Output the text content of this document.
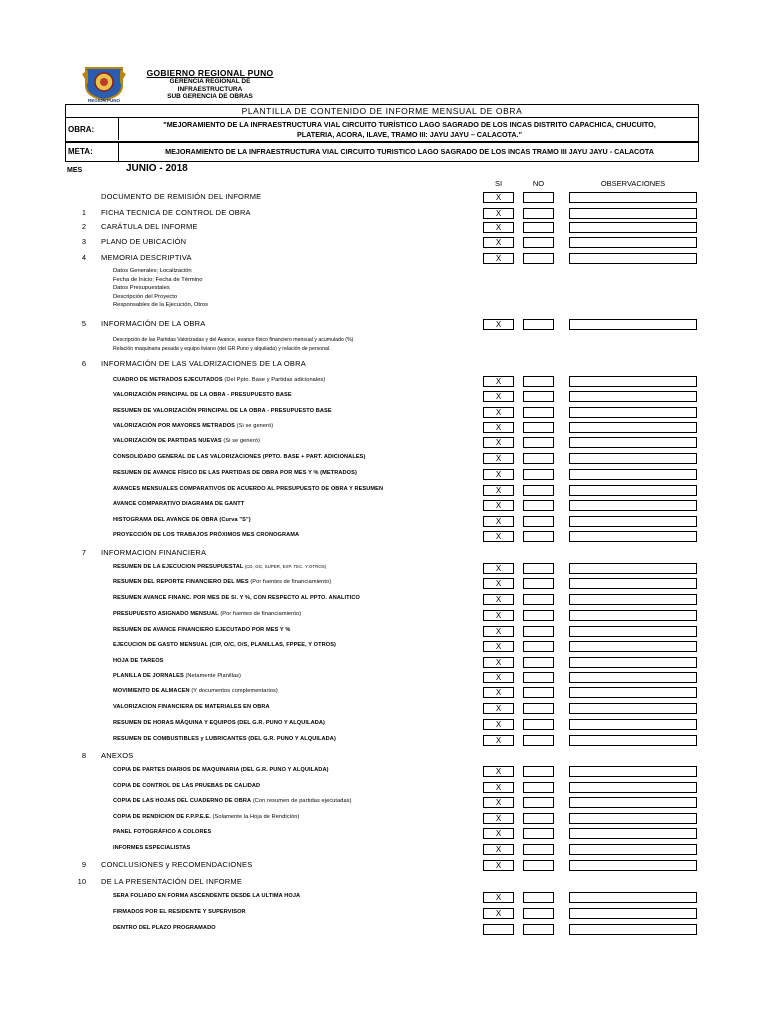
REGIÓN PUNO
GOBIERNO REGIONAL PUNO
GERENCIA REGIONAL DE
INFRAESTRUCTURA
SUB GERENCIA DE OBRAS
PLANTILLA DE CONTENIDO DE INFORME MENSUAL DE OBRA
OBRA:
"MEJORAMIENTO DE LA INFRAESTRUCTURA VIAL CIRCUITO TURÍSTICO LAGO SAGRADO DE LOS INCAS DISTRITO CAPACHICA, CHUCUITO,
PLATERIA, ACORA, ILAVE, TRAMO III: JAYU JAYU – CALACOTA."
META:	MEJORAMIENTO DE LA INFRAESTRUCTURA VIAL CIRCUITO TURISTICO LAGO SAGRADO DE LOS INCAS TRAMO III JAYU JAYU - CALACOTA
MES	JUNIO - 2018
SI	NO	OBSERVACIONES
DOCUMENTO DE REMISIÓN DEL INFORME	X
1 FICHA TECNICA DE CONTROL DE OBRA	X
2 CARÁTULA DEL INFORME	X
3 PLANO DE UBICACIÓN	X
4 MEMORIA DESCRIPTIVA	X
5 INFORMACIÓN DE LA OBRA	X
6 INFORMACIÓN DE LAS VALORIZACIONES DE LA OBRA
CUADRO DE METRADOS EJECUTADOS (Del Ppto. Base y Partidas adicionales)	X
VALORIZACIÓN PRINCIPAL DE LA OBRA - PRESUPUESTO BASE	X
RESUMEN DE VALORIZACIÓN PRINCIPAL DE LA OBRA - PRESUPUESTO BASE	X
VALORIZACIÓN POR MAYORES METRADOS (Si se generó)	X
VALORIZACIÓN DE PARTIDAS NUEVAS (Si se generó)	X
CONSOLIDADO GENERAL DE LAS VALORIZACIONES (PPTO. BASE + PART. ADICIONALES)	X
RESUMEN DE AVANCE FÍSICO DE LAS PARTIDAS DE OBRA POR MES Y % (METRADOS)	X
AVANCES MENSUALES COMPARATIVOS DE ACUERDO AL PRESUPUESTO DE OBRA Y RESUMEN	X
AVANCE COMPARATIVO DIAGRAMA DE GANTT	X
HISTOGRAMA DEL AVANCE DE OBRA (Curva "S")	X
PROYECCIÓN DE LOS TRABAJOS PRÓXIMOS MES CRONOGRAMA	X
7 INFORMACION FINANCIERA
RESUMEN DE LA EJECUCION PRESUPUESTAL (CD, GG, SUPER, EXP. TEC. Y OTROS)	X
RESUMEN DEL REPORTE FINANCIERO DEL MES (Por fuentes de financiamiento)	X
RESUMEN AVANCE FINANC. POR MES DE S/. Y %, CON RESPECTO AL PPTO. ANALITICO	X
PRESUPUESTO ASIGNADO MENSUAL (Por fuentes de financiamiento)	X
RESUMEN DE AVANCE FINANCIERO EJECUTADO POR MES Y %	X
EJECUCION DE GASTO MENSUAL (C/P, O/C, O/S, PLANILLAS, FPPEE, Y OTROS)	X
HOJA DE TAREOS	X
PLANILLA DE JORNALES (Netamente Planillas)	X
MOVIMIENTO DE ALMACEN (Y documentos complementarios)	X
VALORIZACION FINANCIERA DE MATERIALES EN OBRA	X
RESUMEN DE HORAS MÁQUINA Y EQUIPOS (DEL G.R. PUNO Y ALQUILADA)	X
RESUMEN DE COMBUSTIBLES y LUBRICANTES (DEL G.R. PUNO Y ALQUILADA)	X
8 ANEXOS
COPIA DE PARTES DIARIOS DE MAQUINARIA (DEL G.R. PUNO Y ALQUILADA)	X
COPIA DE CONTROL DE LAS PRUEBAS DE CALIDAD	X
COPIA DE LAS HOJAS DEL CUADERNO DE OBRA (Con resumen de partidas ejecutadas)	X
COPIA DE RENDICION DE F.P.P.E.E. (Solamente la Hoja de Rendición)	X
PANEL FOTOGRÁFICO A COLORES	X
INFORMES ESPECIALISTAS	X
9 CONCLUSIONES y RECOMENDACIONES	X
10 DE LA PRESENTACIÓN DEL INFORME
SERA FOLIADO EN FORMA ASCENDENTE DESDE LA ULTIMA HOJA	X
FIRMADOS POR EL RESIDENTE Y SUPERVISOR	X
DENTRO DEL PLAZO PROGRAMADO
Datos Generales; Localización
Fecha de Inicio; Fecha de Término
Datos Presupuestales
Descripción del Proyecto
Responsables de la Ejecución, Otros
Descripción de las Partidas Valorizadas y del Avance, avance físico financiero mensual y acumulado (%)
Relación maquinaria pesada y equipo liviano (del GR Puno y alquilada) y relación de personal.
